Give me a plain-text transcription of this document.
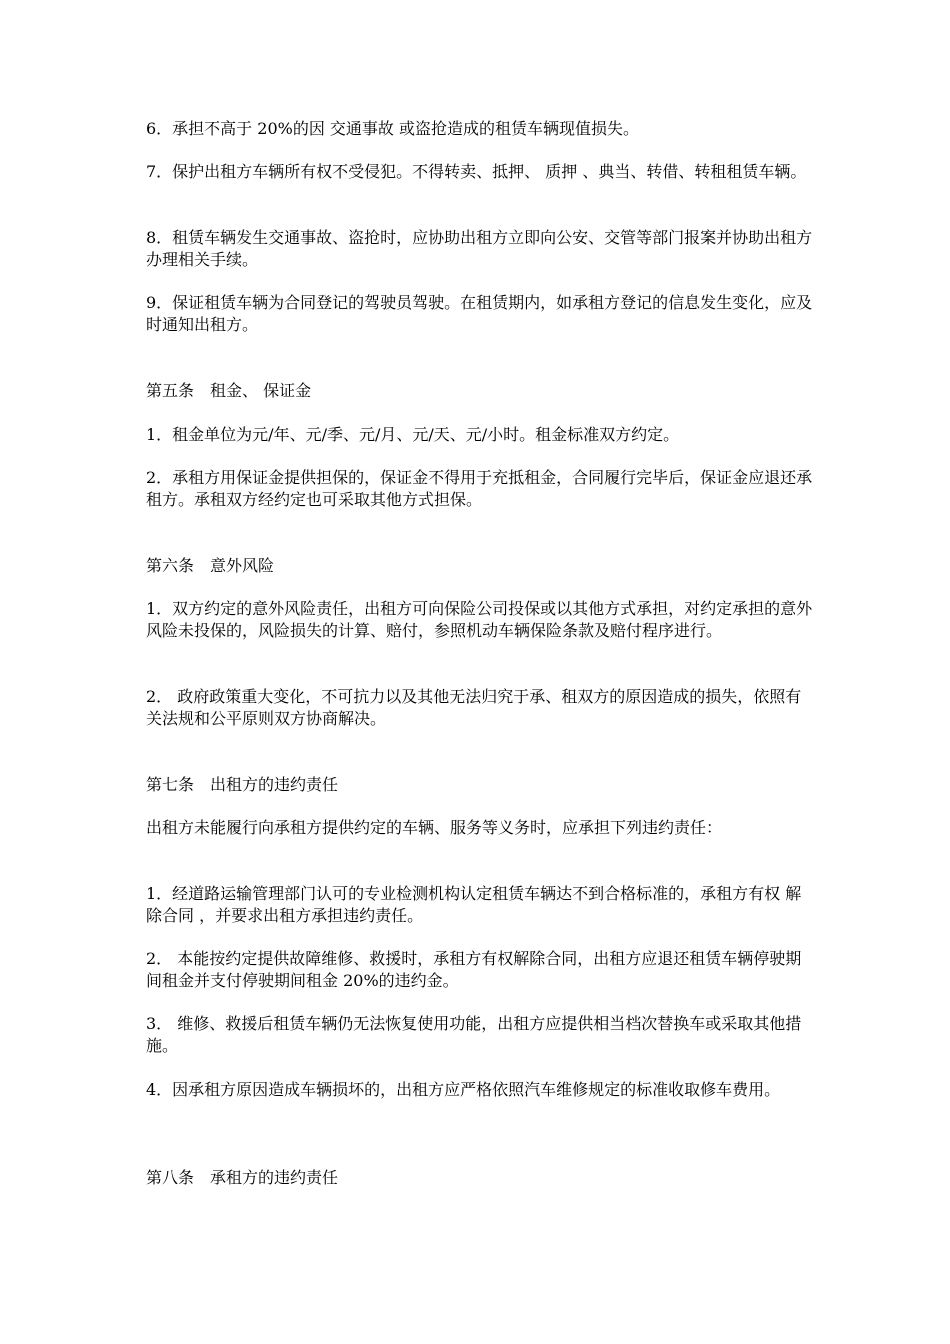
6．承担不高于 20%的因 交通事故 或盗抢造成的租赁车辆现值损失。

7．保护出租方车辆所有权不受侵犯。不得转卖、抵押、 质押 、典当、转借、转租租赁车辆。

8．租赁车辆发生交通事故、盗抢时，应协助出租方立即向公安、交管等部门报案并协助出租方办理相关手续。

9．保证租赁车辆为合同登记的驾驶员驾驶。在租赁期内，如承租方登记的信息发生变化，应及时通知出租方。

第五条　租金、 保证金

1．租金单位为元/年、元/季、元/月、元/天、元/小时。租金标准双方约定。

2．承租方用保证金提供担保的，保证金不得用于充抵租金，合同履行完毕后，保证金应退还承租方。承租双方经约定也可采取其他方式担保。

第六条　意外风险

1．双方约定的意外风险责任，出租方可向保险公司投保或以其他方式承担，对约定承担的意外风险未投保的，风险损失的计算、赔付，参照机动车辆保险条款及赔付程序进行。

2． 政府政策重大变化，不可抗力以及其他无法归究于承、租双方的原因造成的损失，依照有关法规和公平原则双方协商解决。

第七条　出租方的违约责任

出租方未能履行向承租方提供约定的车辆、服务等义务时，应承担下列违约责任：

1．经道路运输管理部门认可的专业检测机构认定租赁车辆达不到合格标准的，承租方有权 解除合同 ，并要求出租方承担违约责任。

2． 本能按约定提供故障维修、救援时，承租方有权解除合同，出租方应退还租赁车辆停驶期间租金并支付停驶期间租金 20%的违约金。

3． 维修、救援后租赁车辆仍无法恢复使用功能，出租方应提供相当档次替换车或采取其他措施。

4．因承租方原因造成车辆损坏的，出租方应严格依照汽车维修规定的标准收取修车费用。

第八条　承租方的违约责任
